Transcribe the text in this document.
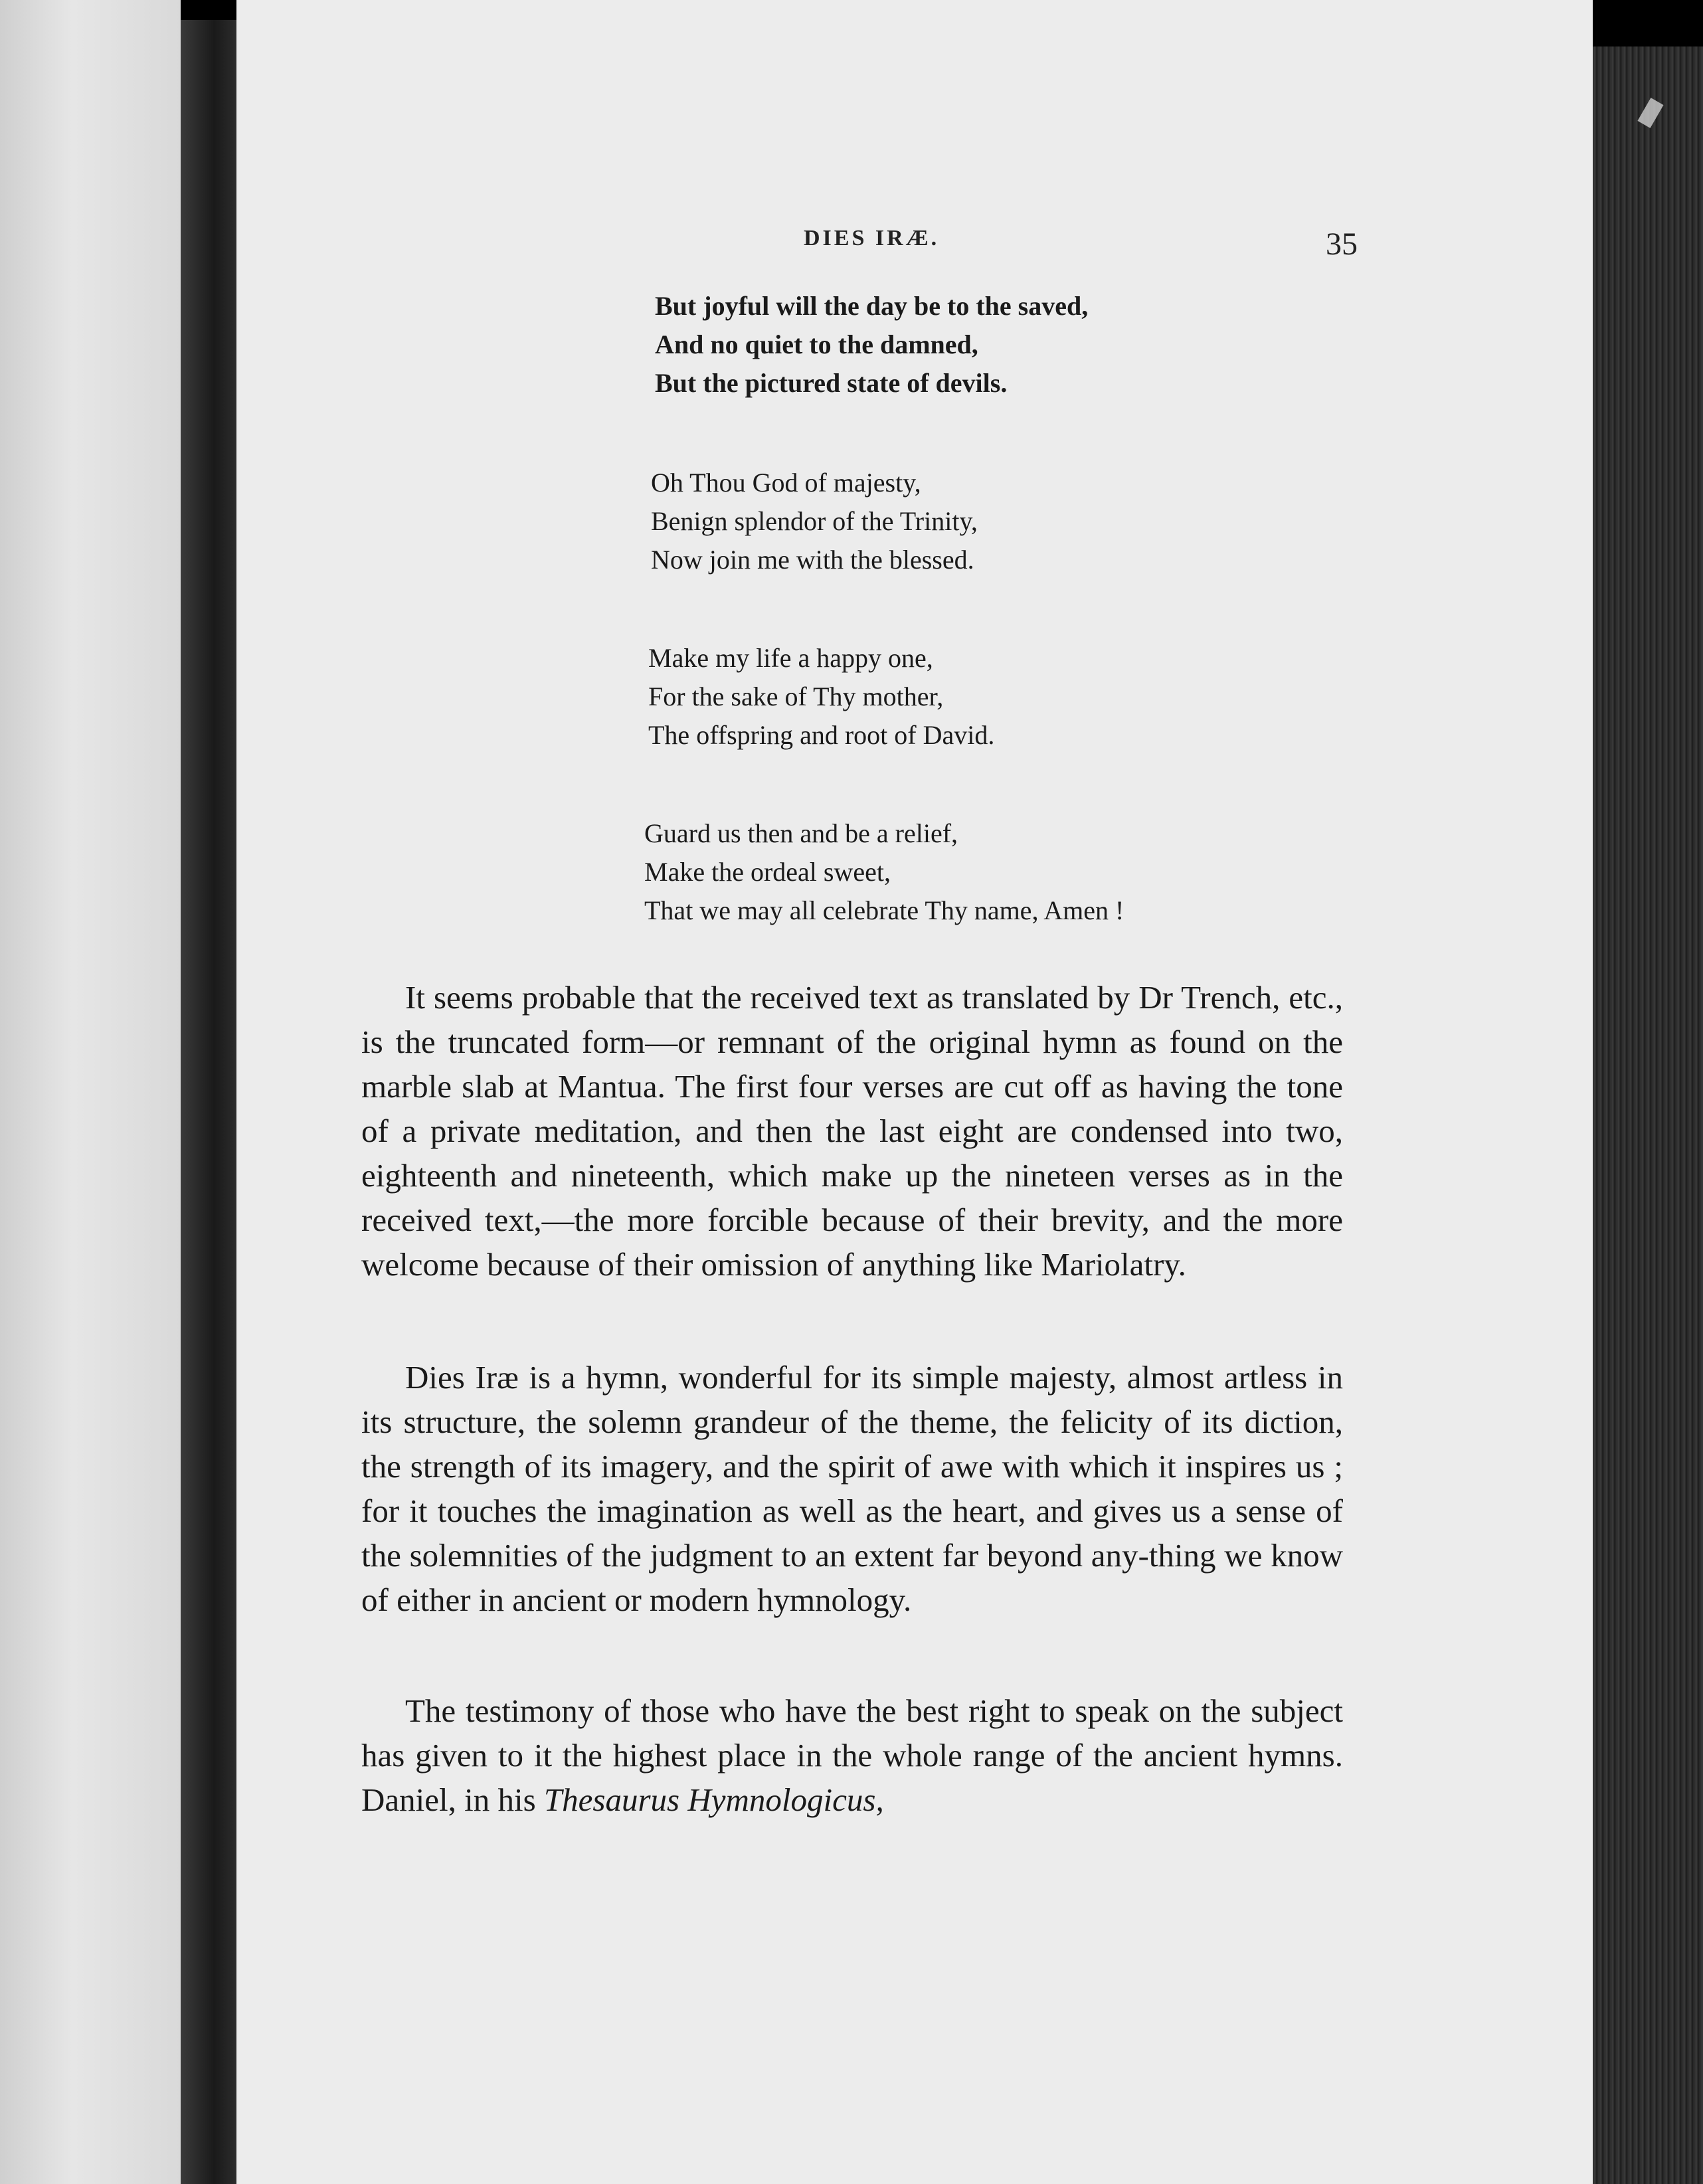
DIES IRÆ.	35
But joyful will the day be to the saved,
And no quiet to the damned,
But the pictured state of devils.
Oh Thou God of majesty,
Benign splendor of the Trinity,
Now join me with the blessed.
Make my life a happy one,
For the sake of Thy mother,
The offspring and root of David.
Guard us then and be a relief,
Make the ordeal sweet,
That we may all celebrate Thy name, Amen !

It seems probable that the received text as translated by Dr Trench, etc., is the truncated form—or remnant of the original hymn as found on the marble slab at Mantua. The first four verses are cut off as having the tone of a private meditation, and then the last eight are condensed into two, eighteenth and nineteenth, which make up the nineteen verses as in the received text,—the more forcible because of their brevity, and the more welcome because of their omission of anything like Mariolatry.

Dies Iræ is a hymn, wonderful for its simple majesty, almost artless in its structure, the solemn grandeur of the theme, the felicity of its diction, the strength of its imagery, and the spirit of awe with which it inspires us ; for it touches the imagination as well as the heart, and gives us a sense of the solemnities of the judgment to an extent far beyond any-thing we know of either in ancient or modern hymnology.

The testimony of those who have the best right to speak on the subject has given to it the highest place in the whole range of the ancient hymns. Daniel, in his Thesaurus Hymnologicus,
